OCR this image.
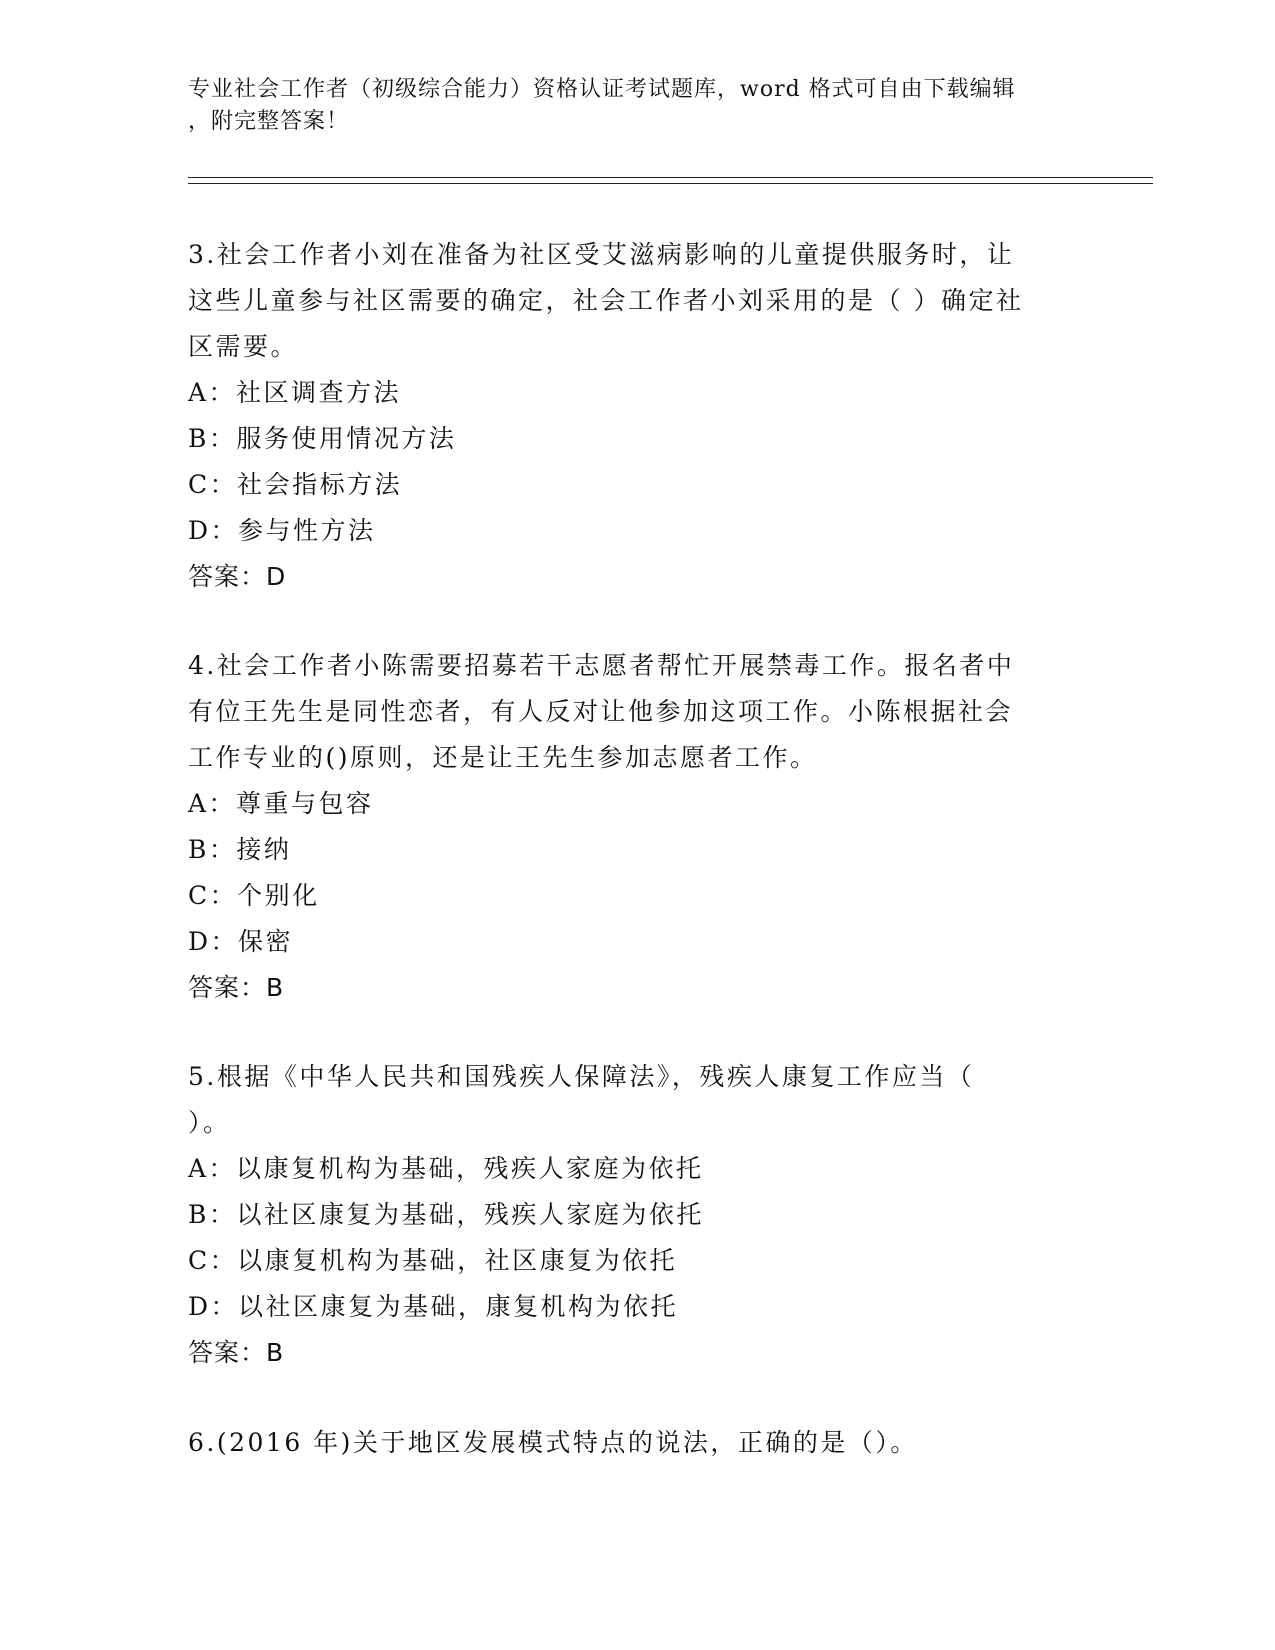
专业社会工作者（初级综合能力）资格认证考试题库，word 格式可自由下载编辑
，附完整答案！
3.社会工作者小刘在准备为社区受艾滋病影响的儿童提供服务时，让
这些儿童参与社区需要的确定，社会工作者小刘采用的是（ ）确定社
区需要。
A：社区调查方法
B：服务使用情况方法
C：社会指标方法
D：参与性方法
答案：D
4.社会工作者小陈需要招募若干志愿者帮忙开展禁毒工作。报名者中
有位王先生是同性恋者，有人反对让他参加这项工作。小陈根据社会
工作专业的()原则，还是让王先生参加志愿者工作。
A：尊重与包容
B：接纳
C：个别化
D：保密
答案：B
5.根据《中华人民共和国残疾人保障法》，残疾人康复工作应当（
）。
A：以康复机构为基础，残疾人家庭为依托
B：以社区康复为基础，残疾人家庭为依托
C：以康复机构为基础，社区康复为依托
D：以社区康复为基础，康复机构为依托
答案：B
6.(2016 年)关于地区发展模式特点的说法，正确的是（）。
